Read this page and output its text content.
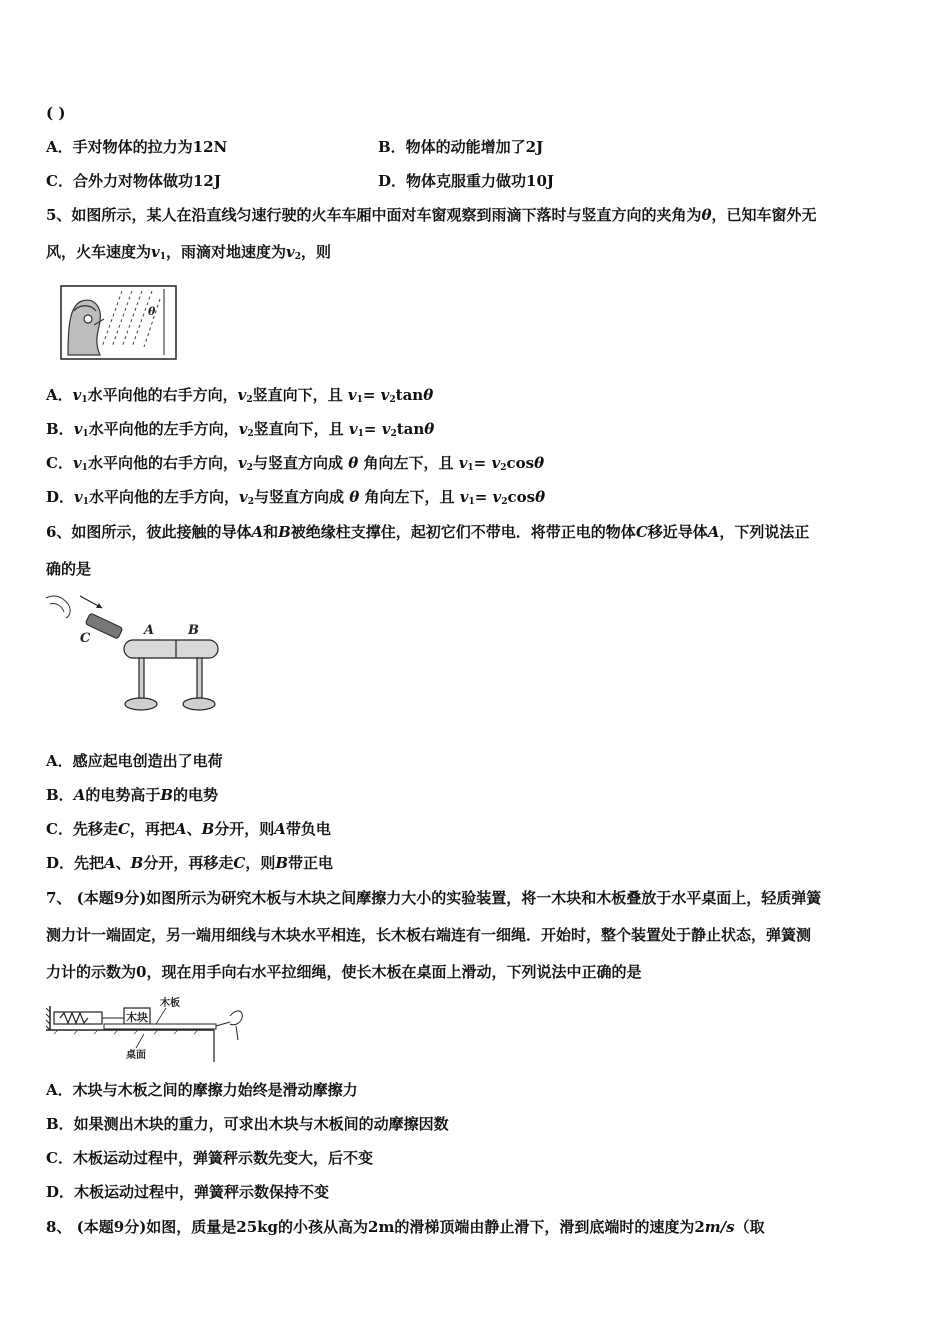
( )
A．手对物体的拉力为12N	B．物体的动能增加了2J
C．合外力对物体做功12J	D．物体克服重力做功10J
5、如图所示，某人在沿直线匀速行驶的火车车厢中面对车窗观察到雨滴下落时与竖直方向的夹角为θ，已知车窗外无
风，火车速度为$v_1$，雨滴对地速度为$v_2$，则
θ
A．$v_1$水平向他的右手方向，$v_2$竖直向下，且 $v_1= v_2\tan\theta$
B．$v_1$水平向他的左手方向，$v_2$竖直向下，且 $v_1= v_2\tan\theta$
C．$v_1$水平向他的右手方向，$v_2$与竖直方向成 θ 角向左下，且 $v_1= v_2\cos\theta$
D．$v_1$水平向他的左手方向，$v_2$与竖直方向成 θ 角向左下，且 $v_1= v_2\cos\theta$
6、如图所示，彼此接触的导体A和B被绝缘柱支撑住，起初它们不带电．将带正电的物体C移近导体A，下列说法正
确的是
C
A	B
A．感应起电创造出了电荷
B．A的电势高于B的电势
C．先移走C，再把A、B分开，则A带负电
D．先把A、B分开，再移走C，则B带正电
7、 (本题9分)如图所示为研究木板与木块之间摩擦力大小的实验装置，将一木块和木板叠放于水平桌面上，轻质弹簧
测力计一端固定，另一端用细线与木块水平相连，长木板右端连有一细绳．开始时，整个装置处于静止状态，弹簧测
力计的示数为0，现在用手向右水平拉细绳，使长木板在桌面上滑动，下列说法中正确的是
木块
木板
桌面
A．木块与木板之间的摩擦力始终是滑动摩擦力
B．如果测出木块的重力，可求出木块与木板间的动摩擦因数
C．木板运动过程中，弹簧秤示数先变大，后不变
D．木板运动过程中，弹簧秤示数保持不变
8、 (本题9分)如图，质量是25kg的小孩从高为2m的滑梯顶端由静止滑下，滑到底端时的速度为2m/s（取
